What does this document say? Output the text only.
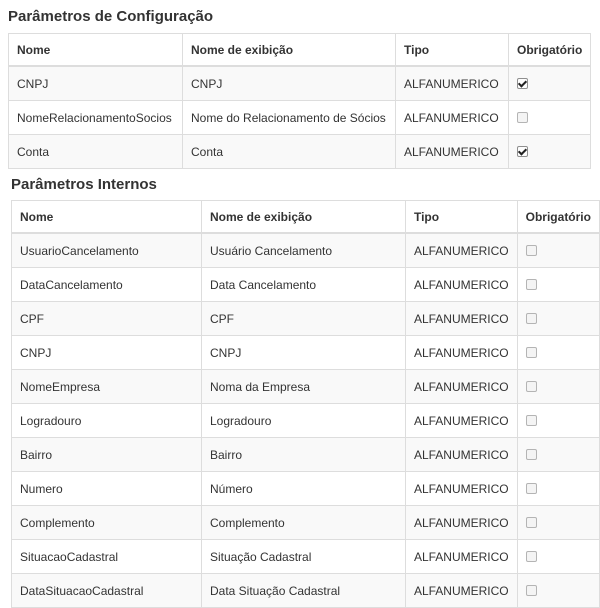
Parâmetros de Configuração
Nome	Nome de exibição	Tipo	Obrigatório
CNPJ	CNPJ	ALFANUMERICO	
NomeRelacionamentoSocios	Nome do Relacionamento de Sócios	ALFANUMERICO	
Conta	Conta	ALFANUMERICO	
Parâmetros Internos
Nome	Nome de exibição	Tipo	Obrigatório
UsuarioCancelamento	Usuário Cancelamento	ALFANUMERICO	
DataCancelamento	Data Cancelamento	ALFANUMERICO	
CPF	CPF	ALFANUMERICO	
CNPJ	CNPJ	ALFANUMERICO	
NomeEmpresa	Noma da Empresa	ALFANUMERICO	
Logradouro	Logradouro	ALFANUMERICO	
Bairro	Bairro	ALFANUMERICO	
Numero	Número	ALFANUMERICO	
Complemento	Complemento	ALFANUMERICO	
SituacaoCadastral	Situação Cadastral	ALFANUMERICO	
DataSituacaoCadastral	Data Situação Cadastral	ALFANUMERICO	
